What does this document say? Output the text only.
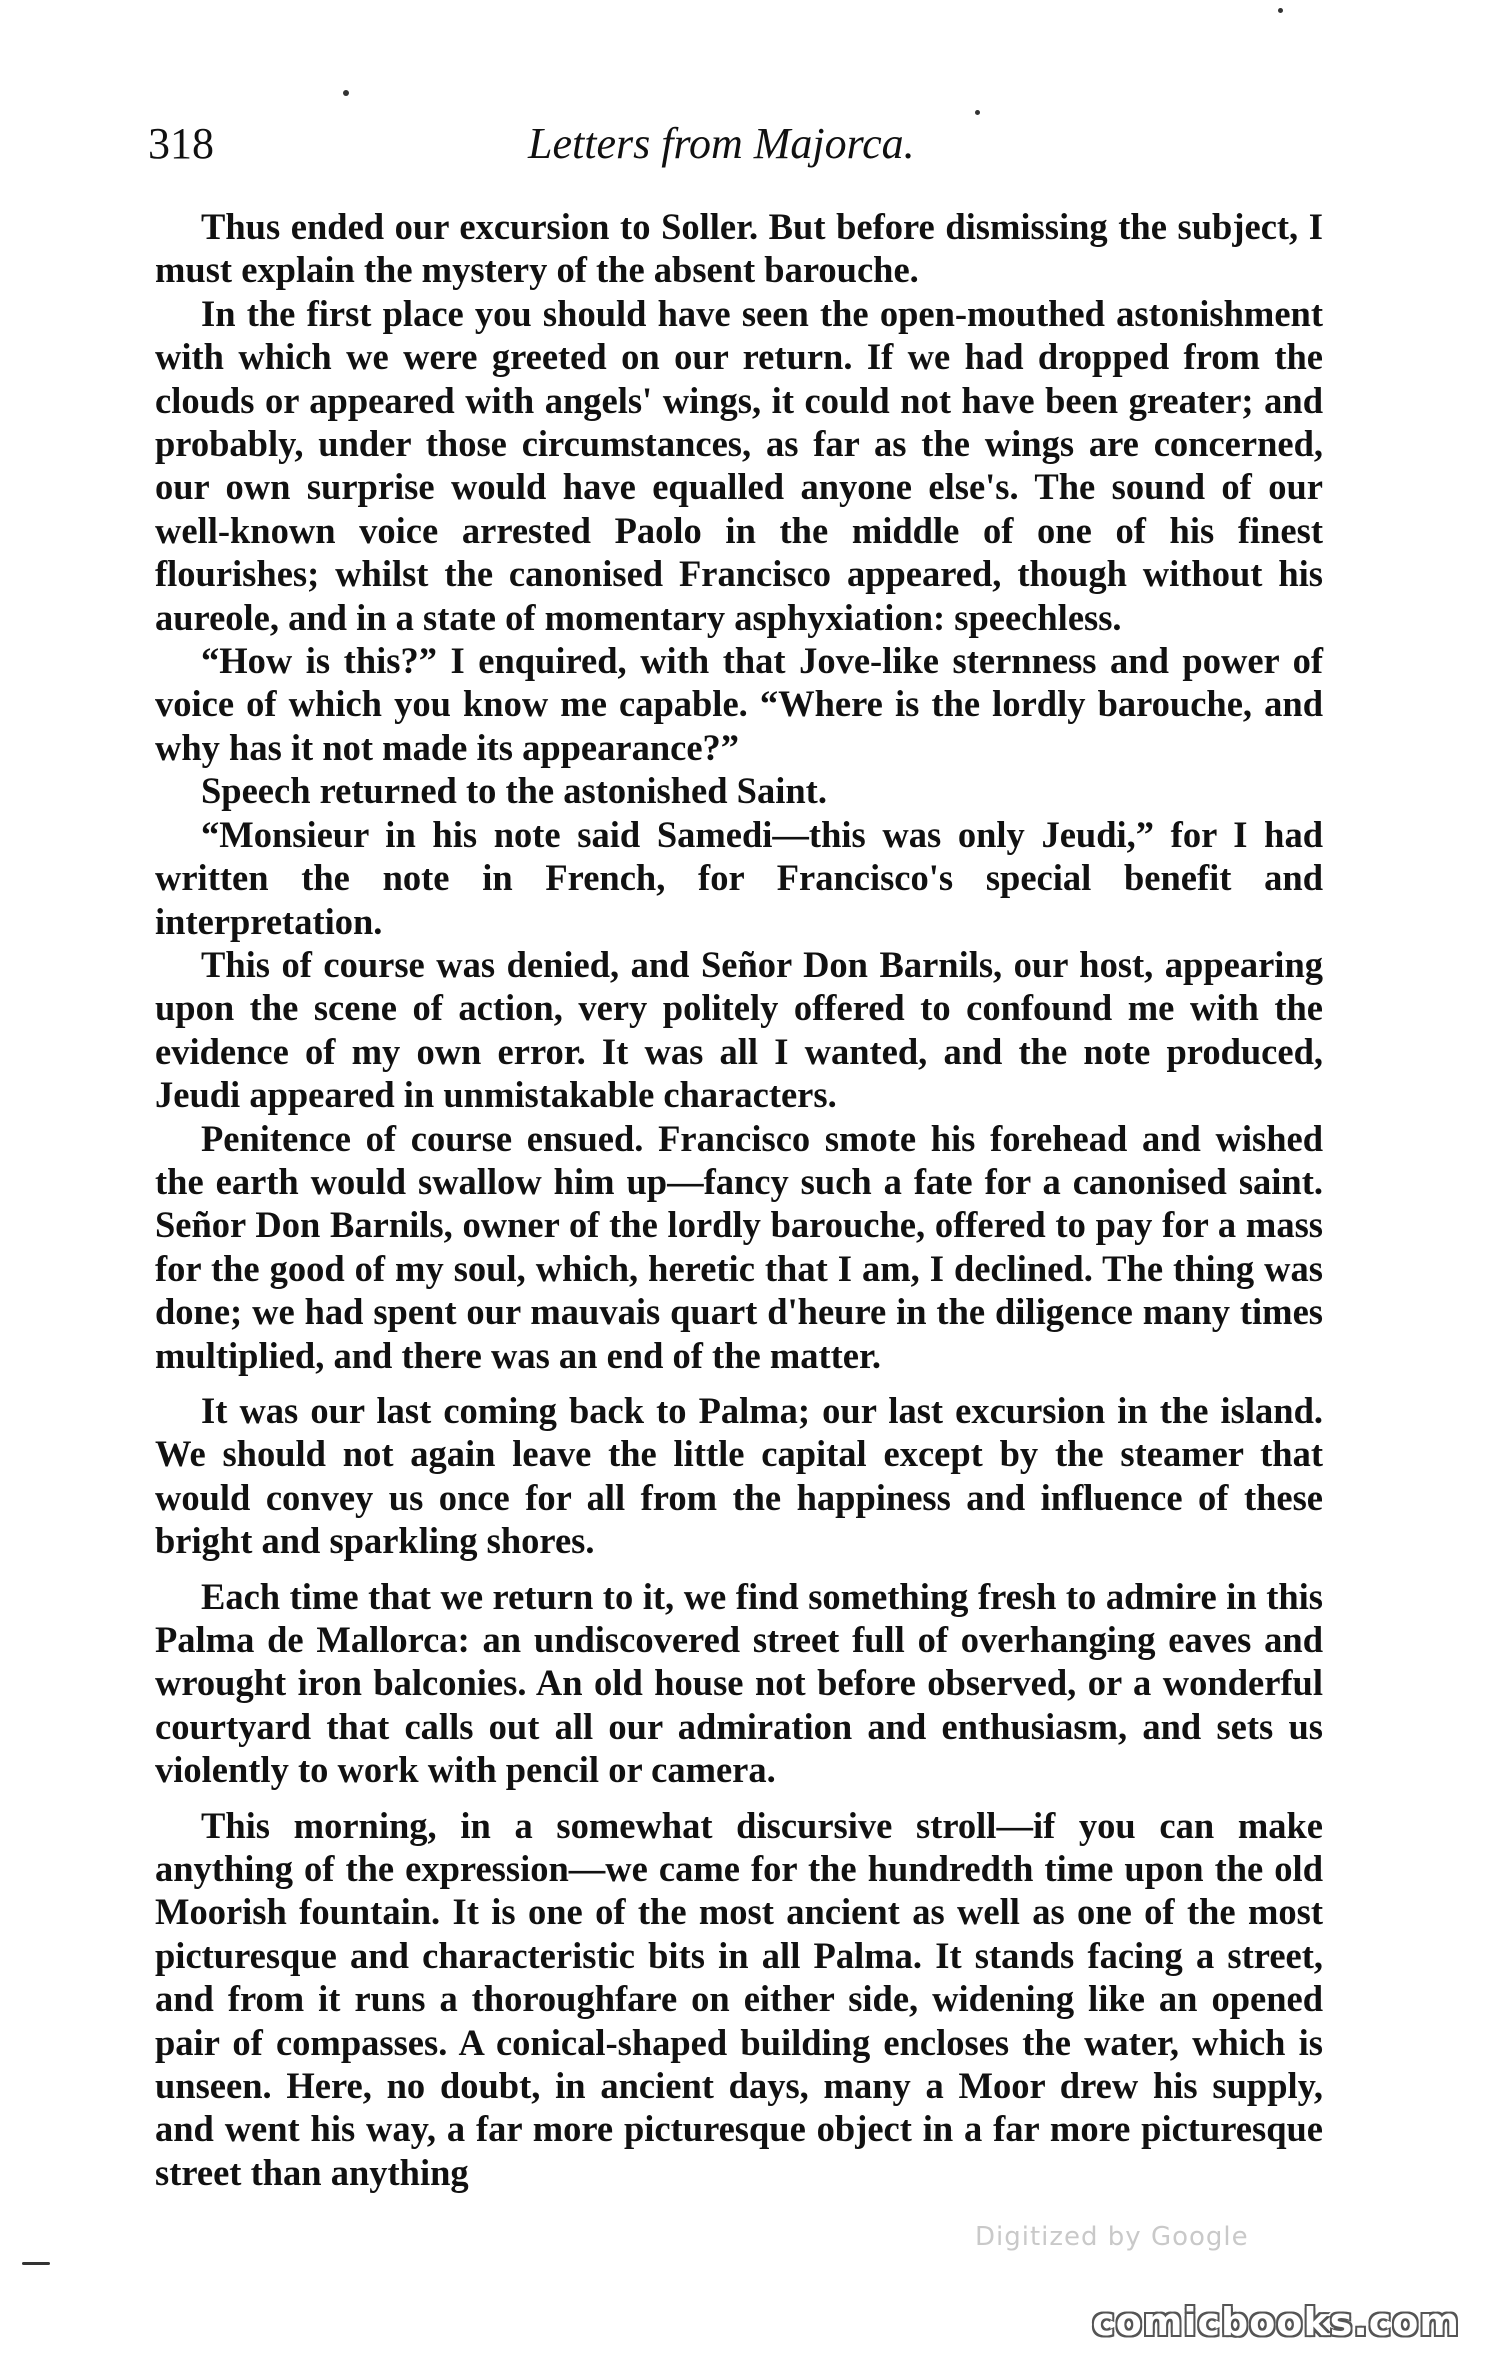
318	Letters from Majorca.

Thus ended our excursion to Soller. But before dismissing the subject, I must explain the mystery of the absent barouche.

In the first place you should have seen the open-mouthed astonishment with which we were greeted on our return. If we had dropped from the clouds or appeared with angels' wings, it could not have been greater; and probably, under those circumstances, as far as the wings are concerned, our own surprise would have equalled anyone else's. The sound of our well-known voice arrested Paolo in the middle of one of his finest flourishes; whilst the canonised Francisco appeared, though without his aureole, and in a state of momentary asphyxiation: speechless.

“How is this?” I enquired, with that Jove-like sternness and power of voice of which you know me capable. “Where is the lordly barouche, and why has it not made its appearance?”

Speech returned to the astonished Saint.

“Monsieur in his note said Samedi—this was only Jeudi,” for I had written the note in French, for Francisco's special benefit and interpretation.

This of course was denied, and Señor Don Barnils, our host, appearing upon the scene of action, very politely offered to confound me with the evidence of my own error. It was all I wanted, and the note produced, Jeudi appeared in unmistakable characters.

Penitence of course ensued. Francisco smote his forehead and wished the earth would swallow him up—fancy such a fate for a canonised saint. Señor Don Barnils, owner of the lordly barouche, offered to pay for a mass for the good of my soul, which, heretic that I am, I declined. The thing was done; we had spent our mauvais quart d'heure in the diligence many times multiplied, and there was an end of the matter.

It was our last coming back to Palma; our last excursion in the island. We should not again leave the little capital except by the steamer that would convey us once for all from the happiness and influence of these bright and sparkling shores.

Each time that we return to it, we find something fresh to admire in this Palma de Mallorca: an undiscovered street full of overhanging eaves and wrought iron balconies. An old house not before observed, or a wonderful courtyard that calls out all our admiration and enthusiasm, and sets us violently to work with pencil or camera.

This morning, in a somewhat discursive stroll—if you can make anything of the expression—we came for the hundredth time upon the old Moorish fountain. It is one of the most ancient as well as one of the most picturesque and characteristic bits in all Palma. It stands facing a street, and from it runs a thoroughfare on either side, widening like an opened pair of compasses. A conical-shaped building encloses the water, which is unseen. Here, no doubt, in ancient days, many a Moor drew his supply, and went his way, a far more picturesque object in a far more picturesque street than anything

Digitized by Google
comicbooks.com
